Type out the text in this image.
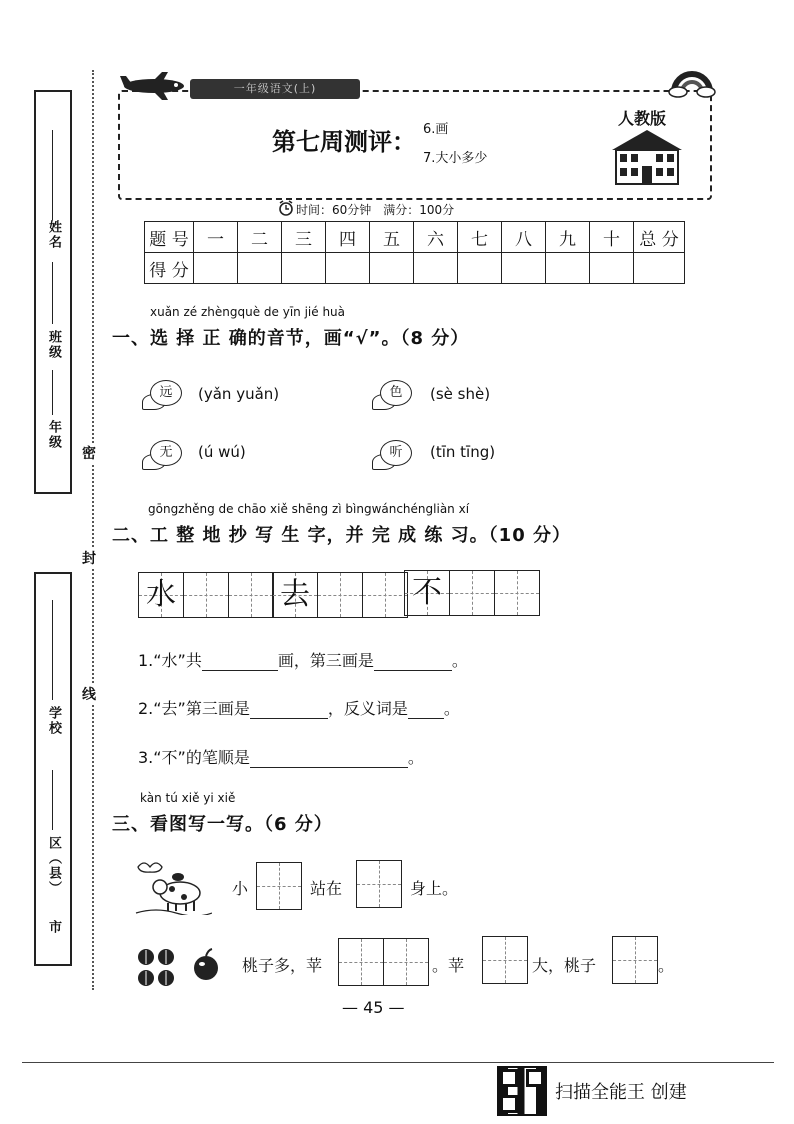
姓名
班级
年级
学校
区（县）
市
密
封
线
一年级语文(上)
第七周测评： 6.画
7.大小多少
人教版
时间：60分钟　满分：100分
题 号	一	二	三	四	五	六	七	八	九	十	总 分
得 分											
xuǎn zé zhèngquè de yīn jié huà
一、选 择 正 确的音节，画“√”。（8 分）
远	(yǎn yuǎn)	色	(sè shè)
无	(ú wú)	听	(tīn tīng)
gōngzhěng de chāo xiě shēng zì bìngwánchéngliàn xí
二、工 整 地 抄 写 生 字，并 完 成 练 习。（10 分）
水	去	不
1.“水”共	画，第三画是	。
2.“去”第三画是	，反义词是 。
3.“不”的笔顺是	。
kàn tú xiě yi xiě
三、看图写一写。（6 分）
小	站在	身上。
桃子多，苹	。苹	大，桃子	。
— 45 —
扫描全能王 创建
